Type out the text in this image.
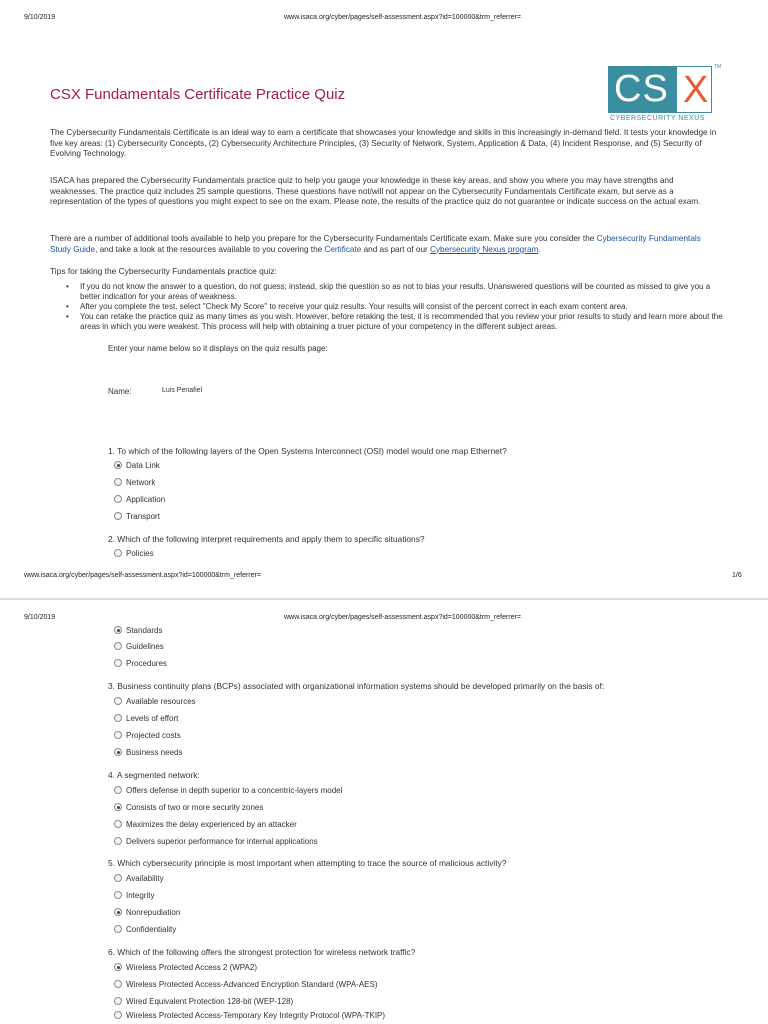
9/10/2019	www.isaca.org/cyber/pages/self-assessment.aspx?id=100000&trm_referrer=
CSX Fundamentals Certificate Practice Quiz	CS X
TM
CYBERSECURITY NEXUS

The Cybersecurity Fundamentals Certificate is an ideal way to earn a certificate that showcases your knowledge and skills in this increasingly in-demand field. It tests your knowledge in five key areas: (1) Cybersecurity Concepts, (2) Cybersecurity Architecture Principles, (3) Security of Network, System, Application & Data, (4) Incident Response, and (5) Security of Evolving Technology.

ISACA has prepared the Cybersecurity Fundamentals practice quiz to help you gauge your knowledge in these key areas, and show you where you may have strengths and weaknesses. The practice quiz includes 25 sample questions. These questions have not/will not appear on the Cybersecurity Fundamentals Certificate exam, but serve as a representation of the types of questions you might expect to see on the exam. Please note, the results of the practice quiz do not guarantee or indicate success on the actual exam.

There are a number of additional tools available to help you prepare for the Cybersecurity Fundamentals Certificate exam. Make sure you consider the Cybersecurity Fundamentals Study Guide, and take a look at the resources available to you covering the Certificate and as part of our Cybersecurity Nexus program.

Tips for taking the Cybersecurity Fundamentals practice quiz:
• If you do not know the answer to a question, do not guess; instead, skip the question so as not to bias your results. Unanswered questions will be counted as missed to give you a better indication for your areas of weakness.
• After you complete the test, select "Check My Score" to receive your quiz results. Your results will consist of the percent correct in each exam content area.
• You can retake the practice quiz as many times as you wish. However, before retaking the test, it is recommended that you review your prior results to study and learn more about the areas in which you were weakest. This process will help with obtaining a truer picture of your competency in the different subject areas.
Enter your name below so it displays on the quiz results page:
Name:	Luis Penafiel
1. To which of the following layers of the Open Systems Interconnect (OSI) model would one map Ethernet?
Data Link
Network
Application
Transport
2. Which of the following interpret requirements and apply them to specific situations?
Policies
www.isaca.org/cyber/pages/self-assessment.aspx?id=100000&trm_referrer=	1/6
9/10/2019	www.isaca.org/cyber/pages/self-assessment.aspx?id=100000&trm_referrer=
Standards
Guidelines
Procedures
3. Business continuity plans (BCPs) associated with organizational information systems should be developed primarily on the basis of:
Available resources
Levels of effort
Projected costs
Business needs
4. A segmented network:
Offers defense in depth superior to a concentric-layers model
Consists of two or more security zones
Maximizes the delay experienced by an attacker
Delivers superior performance for internal applications
5. Which cybersecurity principle is most important when attempting to trace the source of malicious activity?
Availability
Integrity
Nonrepudiation
Confidentiality
6. Which of the following offers the strongest protection for wireless network traffic?
Wireless Protected Access 2 (WPA2)
Wireless Protected Access-Advanced Encryption Standard (WPA-AES)
Wired Equivalent Protection 128-bit (WEP-128)
Wireless Protected Access-Temporary Key Integrity Protocol (WPA-TKIP)
